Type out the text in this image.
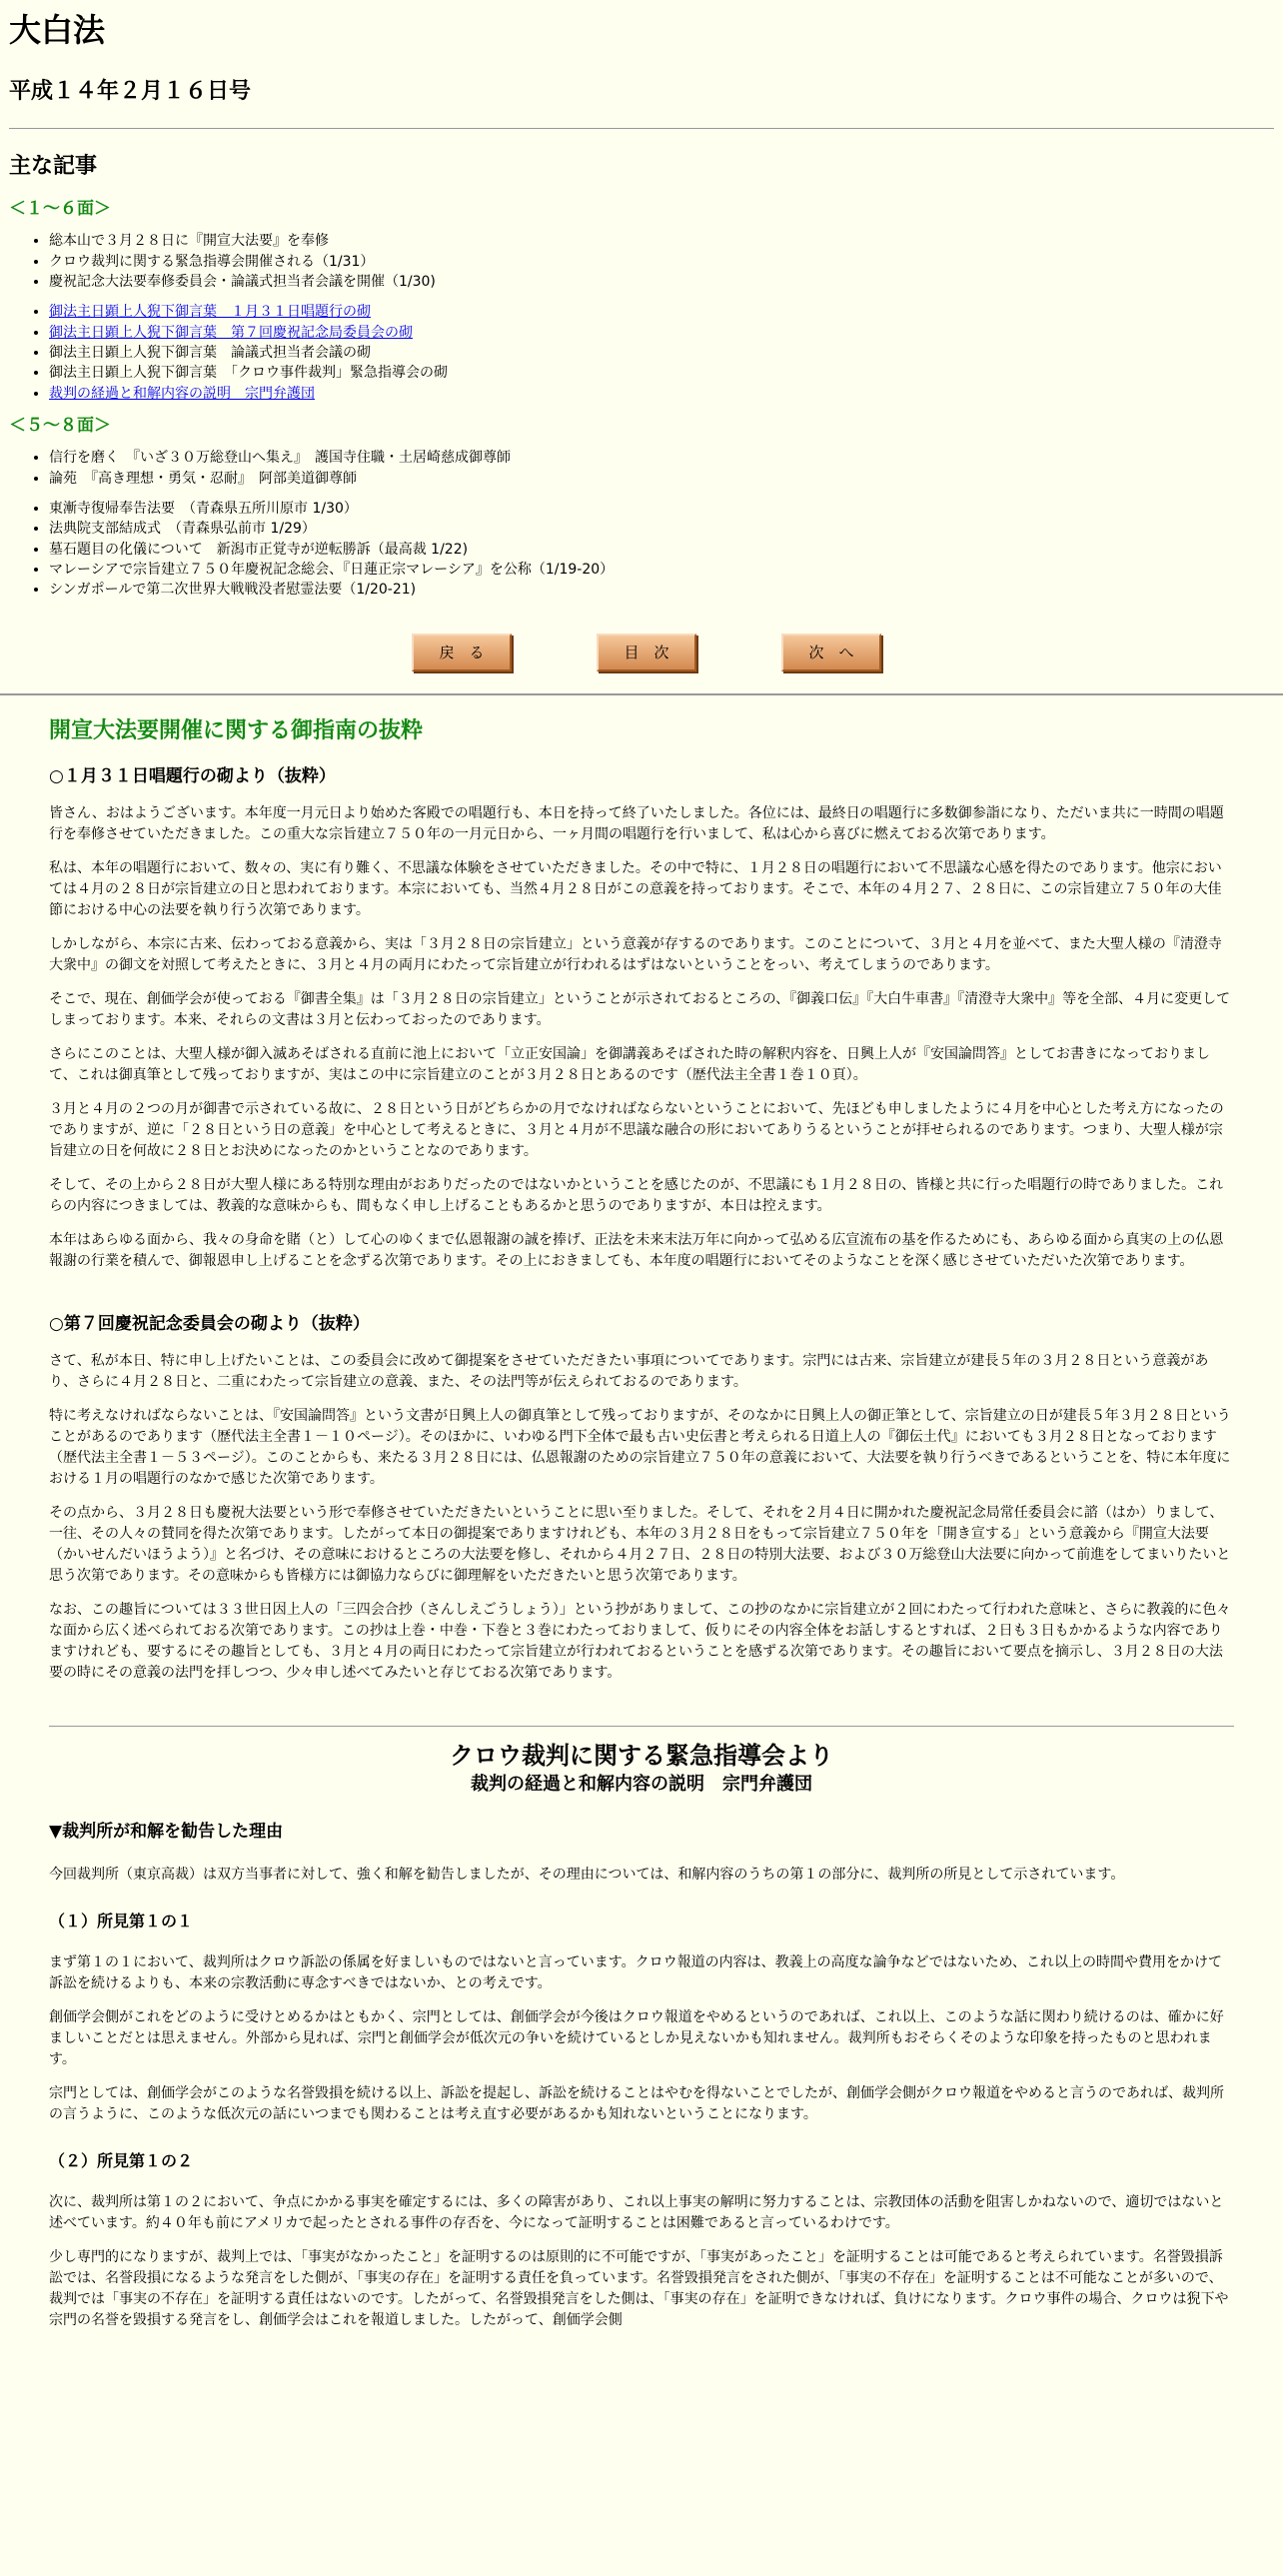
大白法
平成１４年２月１６日号
主な記事
＜１～６面＞
• 総本山で３月２８日に『開宣大法要』を奉修
• クロウ裁判に関する緊急指導会開催される（1/31）
• 慶祝記念大法要奉修委員会・論議式担当者会議を開催（1/30)
• 御法主日顕上人猊下御言葉　１月３１日唱題行の砌
• 御法主日顕上人猊下御言葉　第７回慶祝記念局委員会の砌
• 御法主日顕上人猊下御言葉　論議式担当者会議の砌
• 御法主日顕上人猊下御言葉　「クロウ事件裁判」緊急指導会の砌
• 裁判の経過と和解内容の説明　宗門弁護団
＜５～８面＞
• 信行を磨く　『いざ３０万総登山へ集え』　護国寺住職・土居崎慈成御尊師
• 論苑　『高き理想・勇気・忍耐』　阿部美道御尊師
• 東漸寺復帰奉告法要　（青森県五所川原市 1/30）
• 法典院支部結成式　（青森県弘前市 1/29）
• 墓石題目の化儀について　新潟市正覚寺が逆転勝訴（最高裁 1/22)
• マレーシアで宗旨建立７５０年慶祝記念総会、『日蓮正宗マレーシア』を公称（1/19-20）
• シンガポールで第二次世界大戦戦没者慰霊法要（1/20-21)
戻　る	目　次	次　へ
開宣大法要開催に関する御指南の抜粋
○１月３１日唱題行の砌より（抜粋）

皆さん、おはようございます。本年度一月元日より始めた客殿での唱題行も、本日を持って終了いたしました。各位には、最終日の唱題行に多数御参詣になり、ただいま共に一時間の唱題行を奉修させていただきました。この重大な宗旨建立７５０年の一月元日から、一ヶ月間の唱題行を行いまして、私は心から喜びに燃えておる次第であります。

私は、本年の唱題行において、数々の、実に有り難く、不思議な体験をさせていただきました。その中で特に、１月２８日の唱題行において不思議な心感を得たのであります。他宗においては４月の２８日が宗旨建立の日と思われております。本宗においても、当然４月２８日がこの意義を持っております。そこで、本年の４月２７、２８日に、この宗旨建立７５０年の大佳節における中心の法要を執り行う次第であります。

しかしながら、本宗に古来、伝わっておる意義から、実は「３月２８日の宗旨建立」という意義が存するのであります。このことについて、３月と４月を並べて、また大聖人様の『清澄寺大衆中』の御文を対照して考えたときに、３月と４月の両月にわたって宗旨建立が行われるはずはないということをっい、考えてしまうのであります。

そこで、現在、創価学会が使っておる『御書全集』は「３月２８日の宗旨建立」ということが示されておるところの、『御義口伝』『大白牛車書』『清澄寺大衆中』等を全部、４月に変更してしまっております。本来、それらの文書は３月と伝わっておったのであります。

さらにこのことは、大聖人様が御入滅あそばされる直前に池上において「立正安国論」を御講義あそばされた時の解釈内容を、日興上人が『安国論問答』としてお書きになっておりまして、これは御真筆として残っておりますが、実はこの中に宗旨建立のことが３月２８日とあるのです（歴代法主全書１巻１０頁）。

３月と４月の２つの月が御書で示されている故に、２８日という日がどちらかの月でなければならないということにおいて、先ほども申しましたように４月を中心とした考え方になったのでありますが、逆に「２８日という日の意義」を中心として考えるときに、３月と４月が不思議な融合の形においてありうるということが拝せられるのであります。つまり、大聖人様が宗旨建立の日を何故に２８日とお決めになったのかということなのであります。

そして、その上から２８日が大聖人様にある特別な理由がおありだったのではないかということを感じたのが、不思議にも１月２８日の、皆様と共に行った唱題行の時でありました。これらの内容につきましては、教義的な意味からも、間もなく申し上げることもあるかと思うのでありますが、本日は控えます。

本年はあらゆる面から、我々の身命を賭（と）して心のゆくまで仏恩報謝の誠を捧げ、正法を未来末法万年に向かって弘める広宣流布の基を作るためにも、あらゆる面から真実の上の仏恩報謝の行業を積んで、御報恩申し上げることを念ずる次第であります。その上におきましても、本年度の唱題行においてそのようなことを深く感じさせていただいた次第であります。

○第７回慶祝記念委員会の砌より（抜粋）

さて、私が本日、特に申し上げたいことは、この委員会に改めて御提案をさせていただきたい事項についてであります。宗門には古来、宗旨建立が建長５年の３月２８日という意義があり、さらに４月２８日と、二重にわたって宗旨建立の意義、また、その法門等が伝えられておるのであります。

特に考えなければならないことは、『安国論問答』という文書が日興上人の御真筆として残っておりますが、そのなかに日興上人の御正筆として、宗旨建立の日が建長５年３月２８日ということがあるのであります（歴代法主全書１－１０ページ）。そのほかに、いわゆる門下全体で最も古い史伝書と考えられる日道上人の『御伝土代』においても３月２８日となっております（歴代法主全書１－５３ページ）。このことからも、来たる３月２８日には、仏恩報謝のための宗旨建立７５０年の意義において、大法要を執り行うべきであるということを、特に本年度における１月の唱題行のなかで感じた次第であります。

その点から、３月２８日も慶祝大法要という形で奉修させていただきたいということに思い至りました。そして、それを２月４日に開かれた慶祝記念局常任委員会に諮（はか）りまして、一往、その人々の賛同を得た次第であります。したがって本日の御提案でありますけれども、本年の３月２８日をもって宗旨建立７５０年を「開き宣する」という意義から『開宣大法要（かいせんだいほうよう）』と名づけ、その意味におけるところの大法要を修し、それから４月２７日、２８日の特別大法要、および３０万総登山大法要に向かって前進をしてまいりたいと思う次第であります。その意味からも皆様方には御協力ならびに御理解をいただきたいと思う次第であります。

なお、この趣旨については３３世日因上人の「三四会合抄（さんしえごうしょう）」という抄がありまして、この抄のなかに宗旨建立が２回にわたって行われた意味と、さらに教義的に色々な面から広く述べられておる次第であります。この抄は上巻・中巻・下巻と３巻にわたっておりまして、仮りにその内容全体をお話しするとすれば、２日も３日もかかるような内容でありますけれども、要するにその趣旨としても、３月と４月の両日にわたって宗旨建立が行われておるということを感ずる次第であります。その趣旨において要点を摘示し、３月２８日の大法要の時にその意義の法門を拝しつつ、少々申し述べてみたいと存じておる次第であります。

クロウ裁判に関する緊急指導会より
裁判の経過と和解内容の説明　宗門弁護団
▼裁判所が和解を勧告した理由

今回裁判所（東京高裁）は双方当事者に対して、強く和解を勧告しましたが、その理由については、和解内容のうちの第１の部分に、裁判所の所見として示されています。

（１）所見第１の１

まず第１の１において、裁判所はクロウ訴訟の係属を好ましいものではないと言っています。クロウ報道の内容は、教義上の高度な論争などではないため、これ以上の時間や費用をかけて訴訟を続けるよりも、本来の宗教活動に専念すべきではないか、との考えです。

創価学会側がこれをどのように受けとめるかはともかく、宗門としては、創価学会が今後はクロウ報道をやめるというのであれば、これ以上、このような話に関わり続けるのは、確かに好ましいことだとは思えません。外部から見れば、宗門と創価学会が低次元の争いを続けているとしか見えないかも知れません。裁判所もおそらくそのような印象を持ったものと思われます。

宗門としては、創価学会がこのような名誉毀損を続ける以上、訴訟を提起し、訴訟を続けることはやむを得ないことでしたが、創価学会側がクロウ報道をやめると言うのであれば、裁判所の言うように、このような低次元の話にいつまでも関わることは考え直す必要があるかも知れないということになります。

（２）所見第１の２

次に、裁判所は第１の２において、争点にかかる事実を確定するには、多くの障害があり、これ以上事実の解明に努力することは、宗教団体の活動を阻害しかねないので、適切ではないと述べています。約４０年も前にアメリカで起ったとされる事件の存否を、今になって証明することは困難であると言っているわけです。

少し専門的になりますが、裁判上では、「事実がなかったこと」を証明するのは原則的に不可能ですが、「事実があったこと」を証明することは可能であると考えられています。名誉毀損訴訟では、名誉段損になるような発言をした側が、「事実の存在」を証明する責任を負っています。名誉毀損発言をされた側が、「事実の不存在」を証明することは不可能なことが多いので、裁判では「事実の不存在」を証明する責任はないのです。したがって、名誉毀損発言をした側は、「事実の存在」を証明できなければ、負けになります。クロウ事件の場合、クロウは猊下や宗門の名誉を毀損する発言をし、創価学会はこれを報道しました。したがって、創価学会側
